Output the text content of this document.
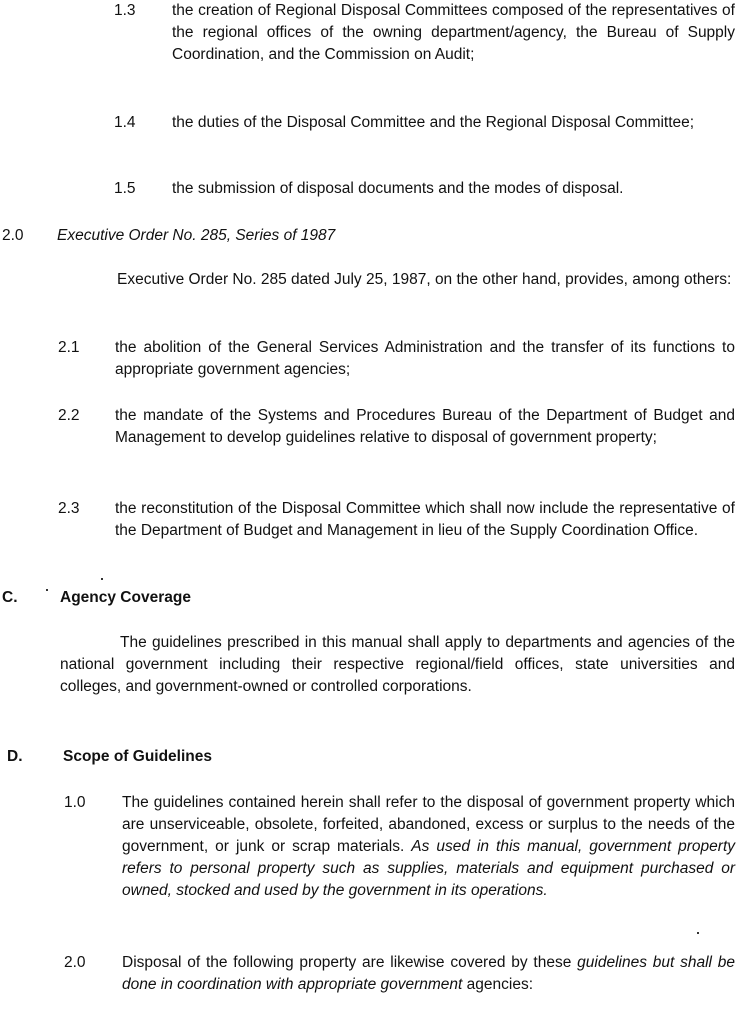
1.3 the creation of Regional Disposal Committees composed of the representatives of the regional offices of the owning department/agency, the Bureau of Supply Coordination, and the Commission on Audit;
1.4 the duties of the Disposal Committee and the Regional Disposal Committee;
1.5 the submission of disposal documents and the modes of disposal.
2.0 Executive Order No. 285, Series of 1987
Executive Order No. 285 dated July 25, 1987, on the other hand, provides, among others:
2.1 the abolition of the General Services Administration and the transfer of its functions to appropriate government agencies;
2.2 the mandate of the Systems and Procedures Bureau of the Department of Budget and Management to develop guidelines relative to disposal of government property;
2.3 the reconstitution of the Disposal Committee which shall now include the representative of the Department of Budget and Management in lieu of the Supply Coordination Office.
C.	Agency Coverage
The guidelines prescribed in this manual shall apply to departments and agencies of the national government including their respective regional/field offices, state universities and colleges, and government-owned or controlled corporations.
D.	Scope of Guidelines
1.0 The guidelines contained herein shall refer to the disposal of government property which are unserviceable, obsolete, forfeited, abandoned, excess or surplus to the needs of the government, or junk or scrap materials. As used in this manual, government property refers to personal property such as supplies, materials and equipment purchased or owned, stocked and used by the government in its operations.
2.0 Disposal of the following property are likewise covered by these guidelines but shall be done in coordination with appropriate government agencies:
